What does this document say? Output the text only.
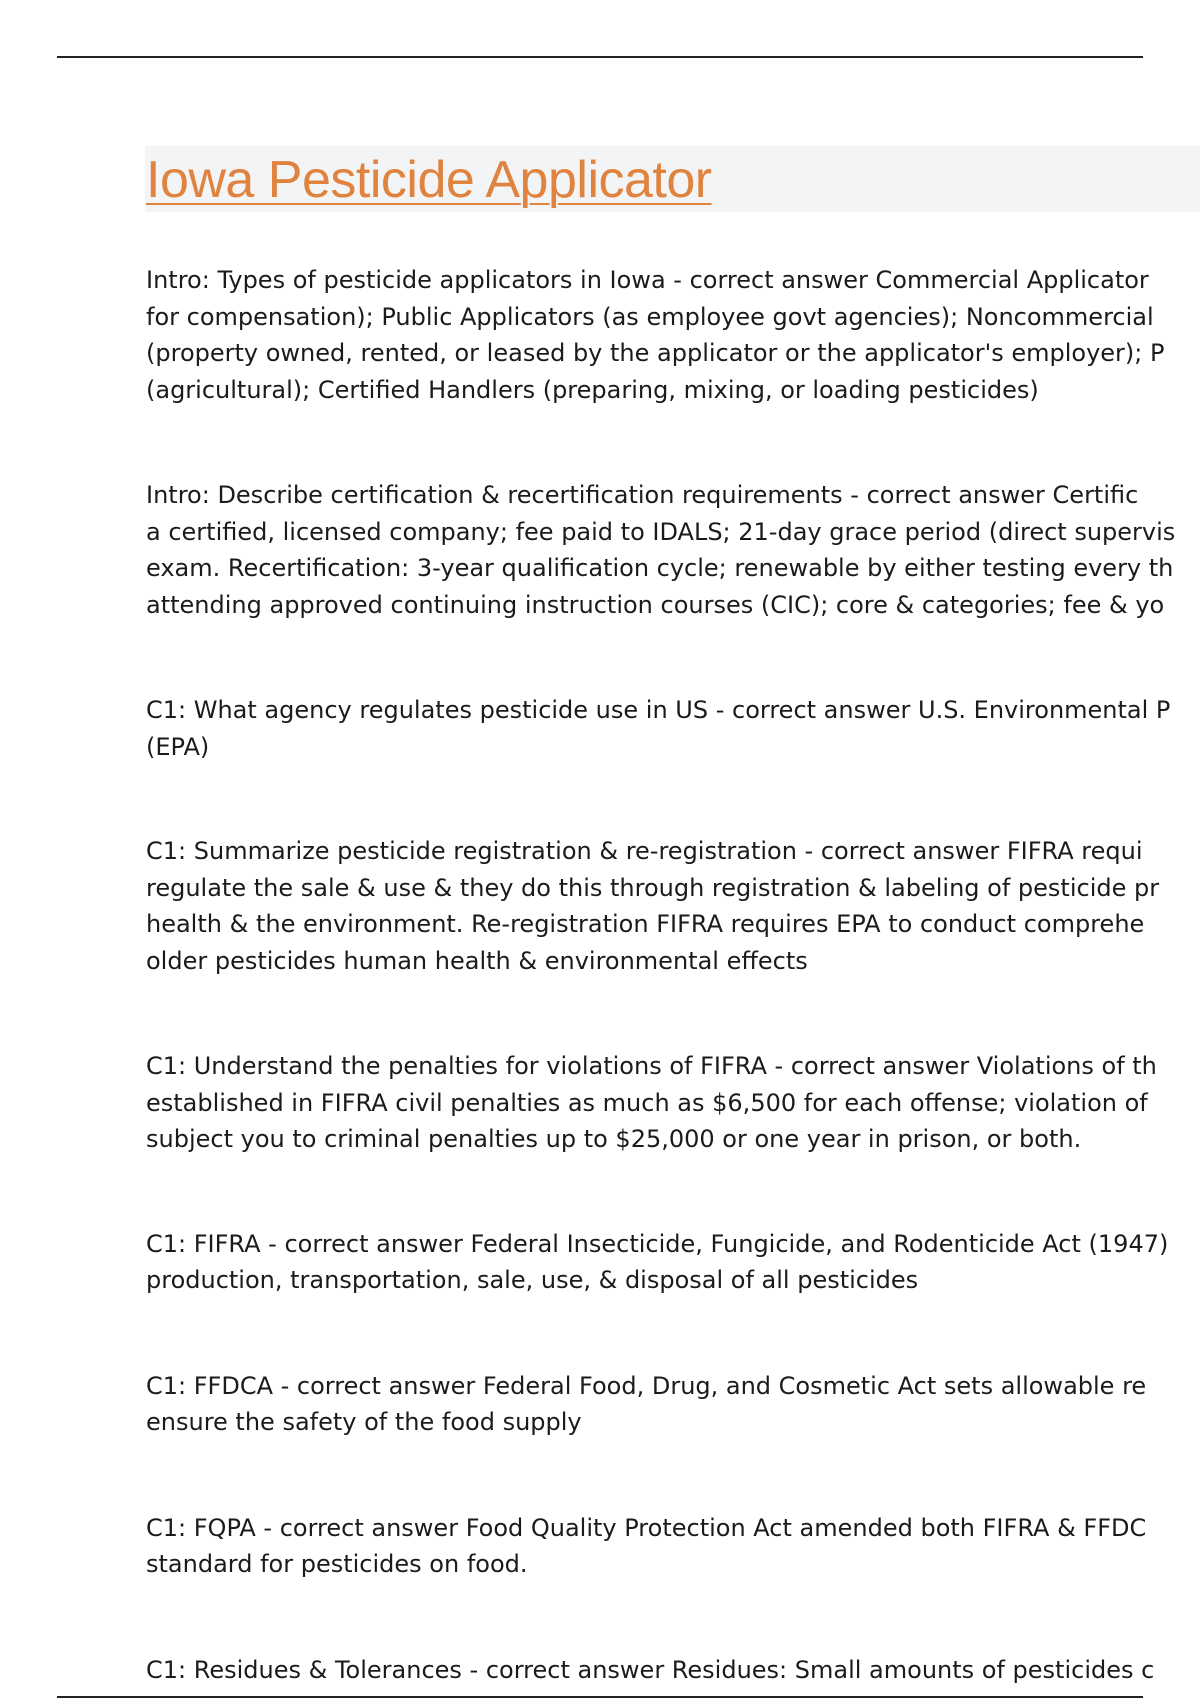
Iowa Pesticide Applicator
Intro: Types of pesticide applicators in Iowa - correct answer Commercial Applicator
for compensation); Public Applicators (as employee govt agencies); Noncommercial
(property owned, rented, or leased by the applicator or the applicator's employer); P
(agricultural); Certified Handlers (preparing, mixing, or loading pesticides)
Intro: Describe certification & recertification requirements - correct answer Certific
a certified, licensed company; fee paid to IDALS; 21-day grace period (direct supervis
exam. Recertification: 3-year qualification cycle; renewable by either testing every th
attending approved continuing instruction courses (CIC); core & categories; fee & yo
C1: What agency regulates pesticide use in US - correct answer U.S. Environmental P
(EPA)
C1: Summarize pesticide registration & re-registration - correct answer FIFRA requi
regulate the sale & use & they do this through registration & labeling of pesticide pr
health & the environment. Re-registration FIFRA requires EPA to conduct comprehe
older pesticides human health & environmental effects
C1: Understand the penalties for violations of FIFRA - correct answer Violations of th
established in FIFRA civil penalties as much as $6,500 for each offense; violation of
subject you to criminal penalties up to $25,000 or one year in prison, or both.
C1: FIFRA - correct answer Federal Insecticide, Fungicide, and Rodenticide Act (1947)
production, transportation, sale, use, & disposal of all pesticides
C1: FFDCA - correct answer Federal Food, Drug, and Cosmetic Act sets allowable re
ensure the safety of the food supply
C1: FQPA - correct answer Food Quality Protection Act amended both FIFRA & FFDC
standard for pesticides on food.
C1: Residues & Tolerances - correct answer Residues: Small amounts of pesticides c
